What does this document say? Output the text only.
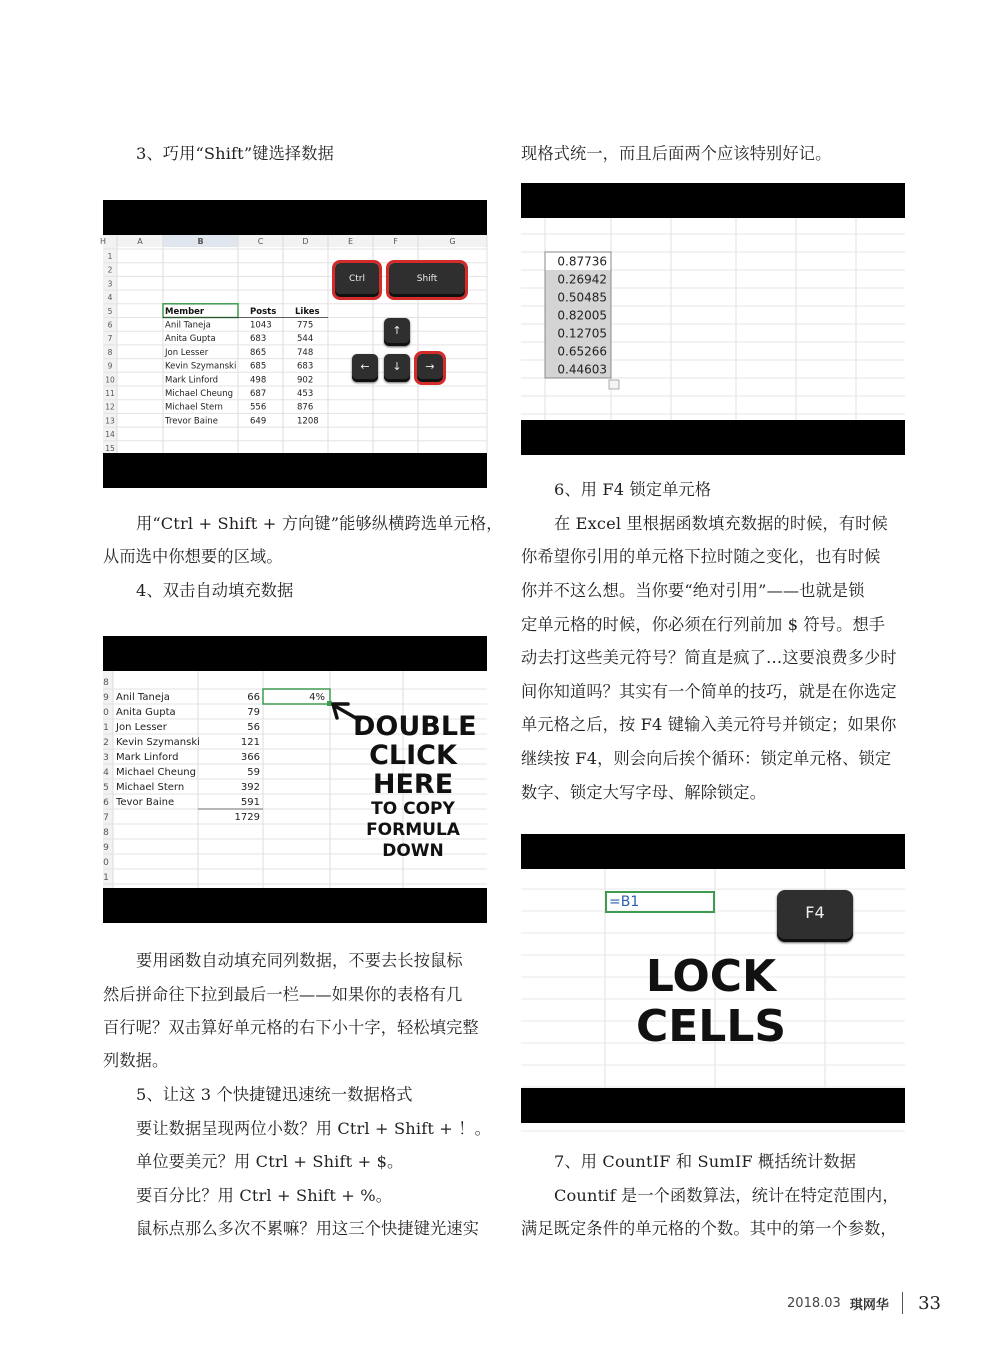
3、巧用“Shift”键选择数据
A	B	C	D	E	F	G
H
1
2
3
4
5
6
7
8
9
10
11
12
13
14
15
Member	Posts Likes
Anil Taneja	1043	775
Anita Gupta	683	544
Jon Lesser	865	748
Kevin Szymanski 685	683
Mark Linford	498	902
Michael Cheung 687	453
Michael Stern	556	876
Trevor Baine	649	1208
Ctrl	Shift
↑
←	↓	→
用“Ctrl + Shift + 方向键”能够纵横跨选单元格，
从而选中你想要的区域。
4、双击自动填充数据
8
9
0
1
2
3
4
5
6
7
8
9
0
1
Anil Taneja	66
Anita Gupta	79
Jon Lesser	56
Kevin Szymanski	121
Mark Linford	366
Michael Cheung	59
Michael Stern	392
Tevor Baine	591
1729
4%
DOUBLE
CLICK
HERE
TO COPY
FORMULA
DOWN
要用函数自动填充同列数据，不要去长按鼠标
然后拼命往下拉到最后一栏——如果你的表格有几
百行呢？双击算好单元格的右下小十字，轻松填完整
列数据。
5、让这 3 个快捷键迅速统一数据格式
要让数据呈现两位小数？用 Ctrl + Shift + ！。
单位要美元？用 Ctrl + Shift + $。
要百分比？用 Ctrl + Shift + %。
鼠标点那么多次不累嘛？用这三个快捷键光速实
现格式统一，而且后面两个应该特别好记。
0.87736
0.26942
0.50485
0.82005
0.12705
0.65266
0.44603
6、用 F4 锁定单元格
在 Excel 里根据函数填充数据的时候，有时候
你希望你引用的单元格下拉时随之变化，也有时候
你并不这么想。当你要“绝对引用”——也就是锁
定单元格的时候，你必须在行列前加 $ 符号。想手
动去打这些美元符号？简直是疯了…这要浪费多少时
间你知道吗？其实有一个简单的技巧，就是在你选定
单元格之后，按 F4 键输入美元符号并锁定；如果你
继续按 F4，则会向后挨个循环：锁定单元格、锁定
数字、锁定大写字母、解除锁定。
=B1
F4
LOCK
CELLS
7、用 CountIF 和 SumIF 概括统计数据
Countif 是一个函数算法，统计在特定范围内，
满足既定条件的单元格的个数。其中的第一个参数，
2018.03 琪网华 33
